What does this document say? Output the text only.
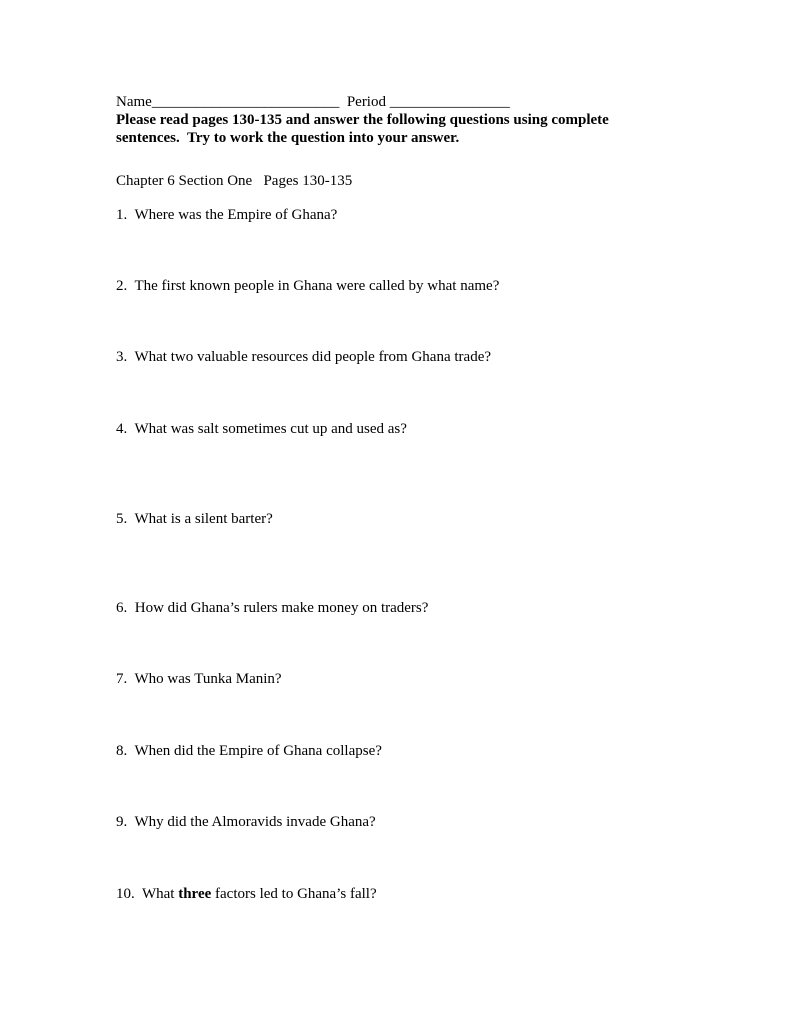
Name_________________________  Period ________________
Please read pages 130-135 and answer the following questions using complete
sentences.  Try to work the question into your answer.
Chapter 6 Section One   Pages 130-135
1. Where was the Empire of Ghana?
2. The first known people in Ghana were called by what name?
3. What two valuable resources did people from Ghana trade?
4. What was salt sometimes cut up and used as?
5. What is a silent barter?
6. How did Ghana’s rulers make money on traders?
7. Who was Tunka Manin?
8. When did the Empire of Ghana collapse?
9. Why did the Almoravids invade Ghana?
10. What three factors led to Ghana’s fall?
